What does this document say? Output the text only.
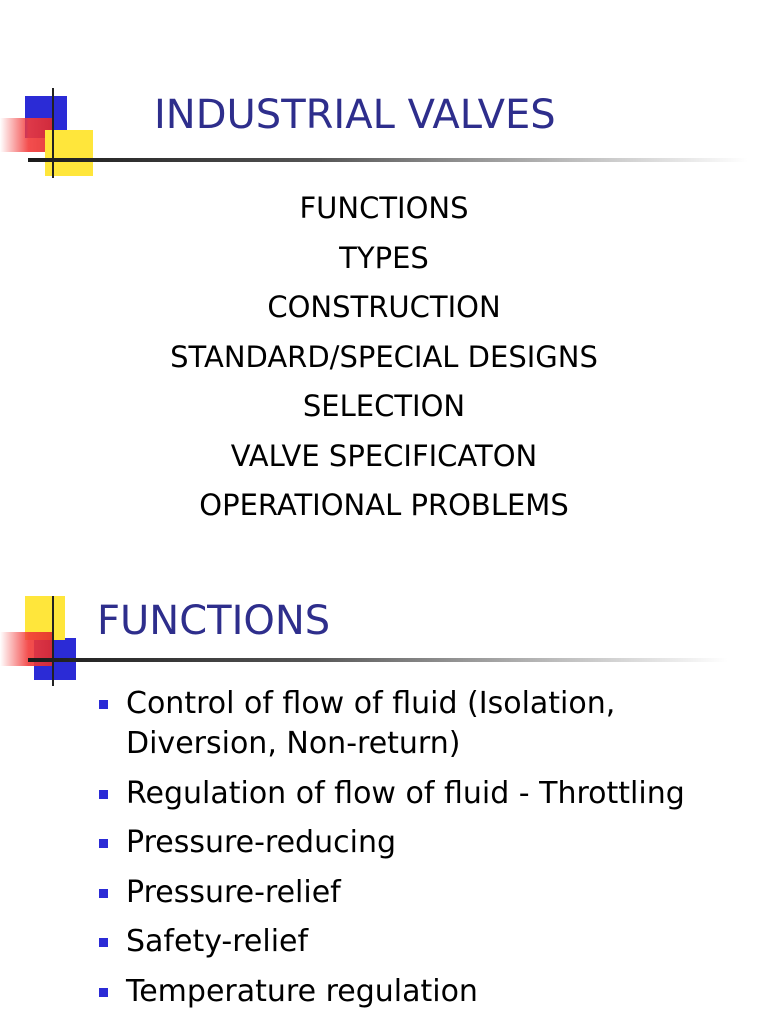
INDUSTRIAL VALVES
FUNCTIONS
TYPES
CONSTRUCTION
STANDARD/SPECIAL DESIGNS
SELECTION
VALVE SPECIFICATON
OPERATIONAL PROBLEMS
FUNCTIONS
Control of flow of fluid (Isolation, Diversion, Non-return)
Regulation of flow of fluid - Throttling
Pressure-reducing
Pressure-relief
Safety-relief
Temperature regulation
